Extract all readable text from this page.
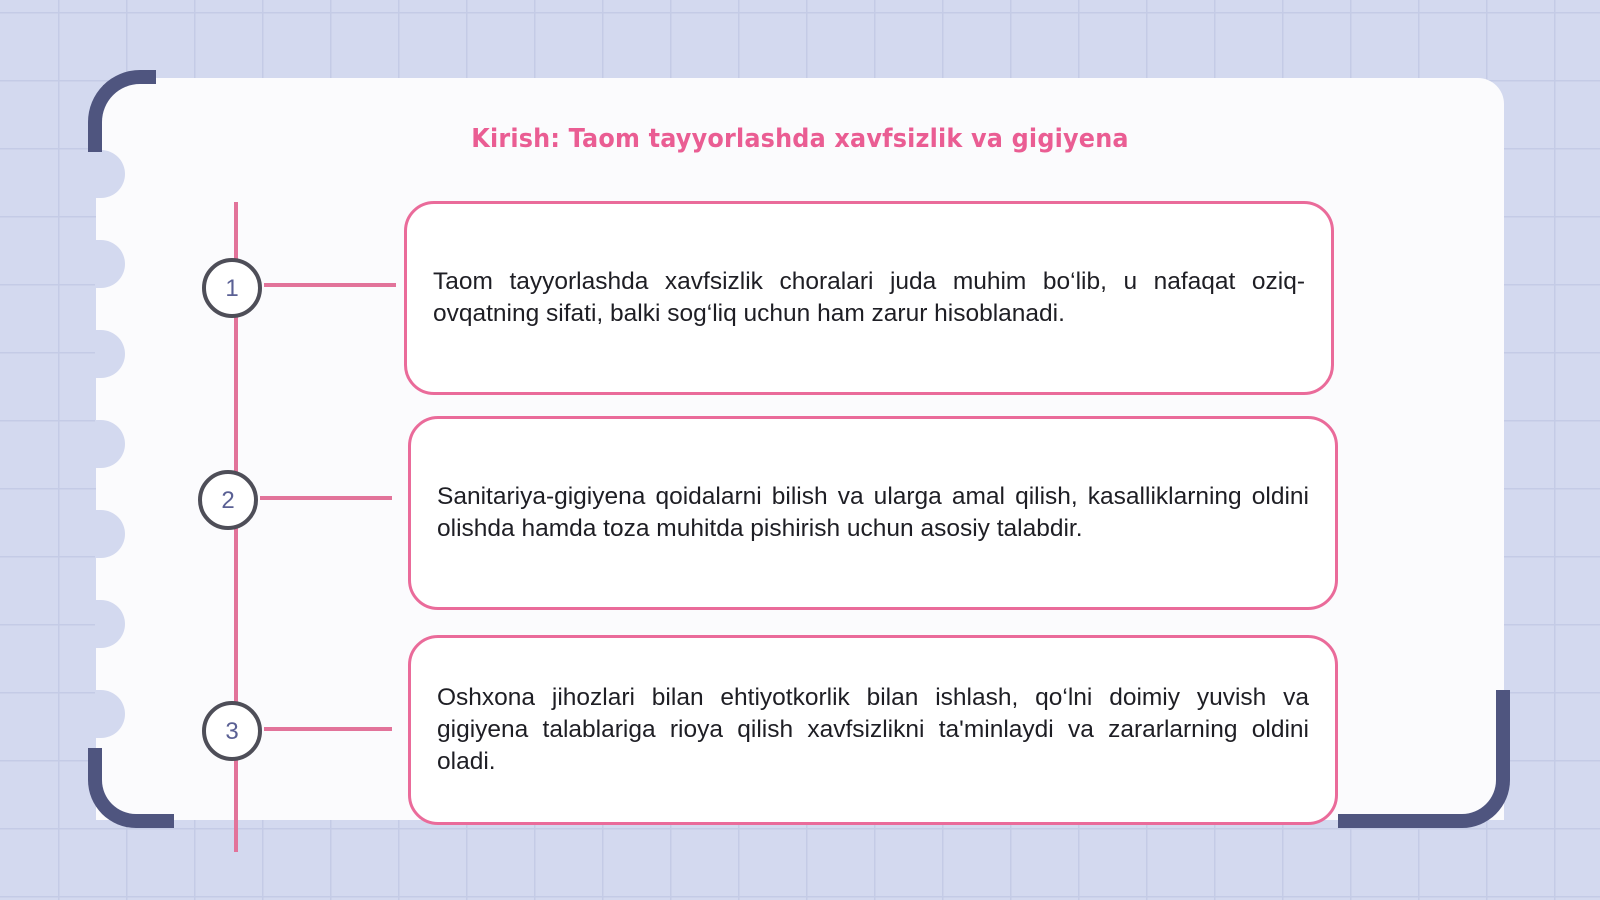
Kirish: Taom tayyorlashda xavfsizlik va gigiyena
1
2
3

Taom tayyorlashda xavfsizlik choralari juda muhim bo‘lib, u nafaqat oziq-ovqatning sifati, balki sog‘liq uchun ham zarur hisoblanadi.

Sanitariya-gigiyena qoidalarni bilish va ularga amal qilish, kasalliklarning oldini olishda hamda toza muhitda pishirish uchun asosiy talabdir.

Oshxona jihozlari bilan ehtiyotkorlik bilan ishlash, qo‘lni doimiy yuvish va gigiyena talablariga rioya qilish xavfsizlikni ta'minlaydi va zararlarning oldini oladi.
